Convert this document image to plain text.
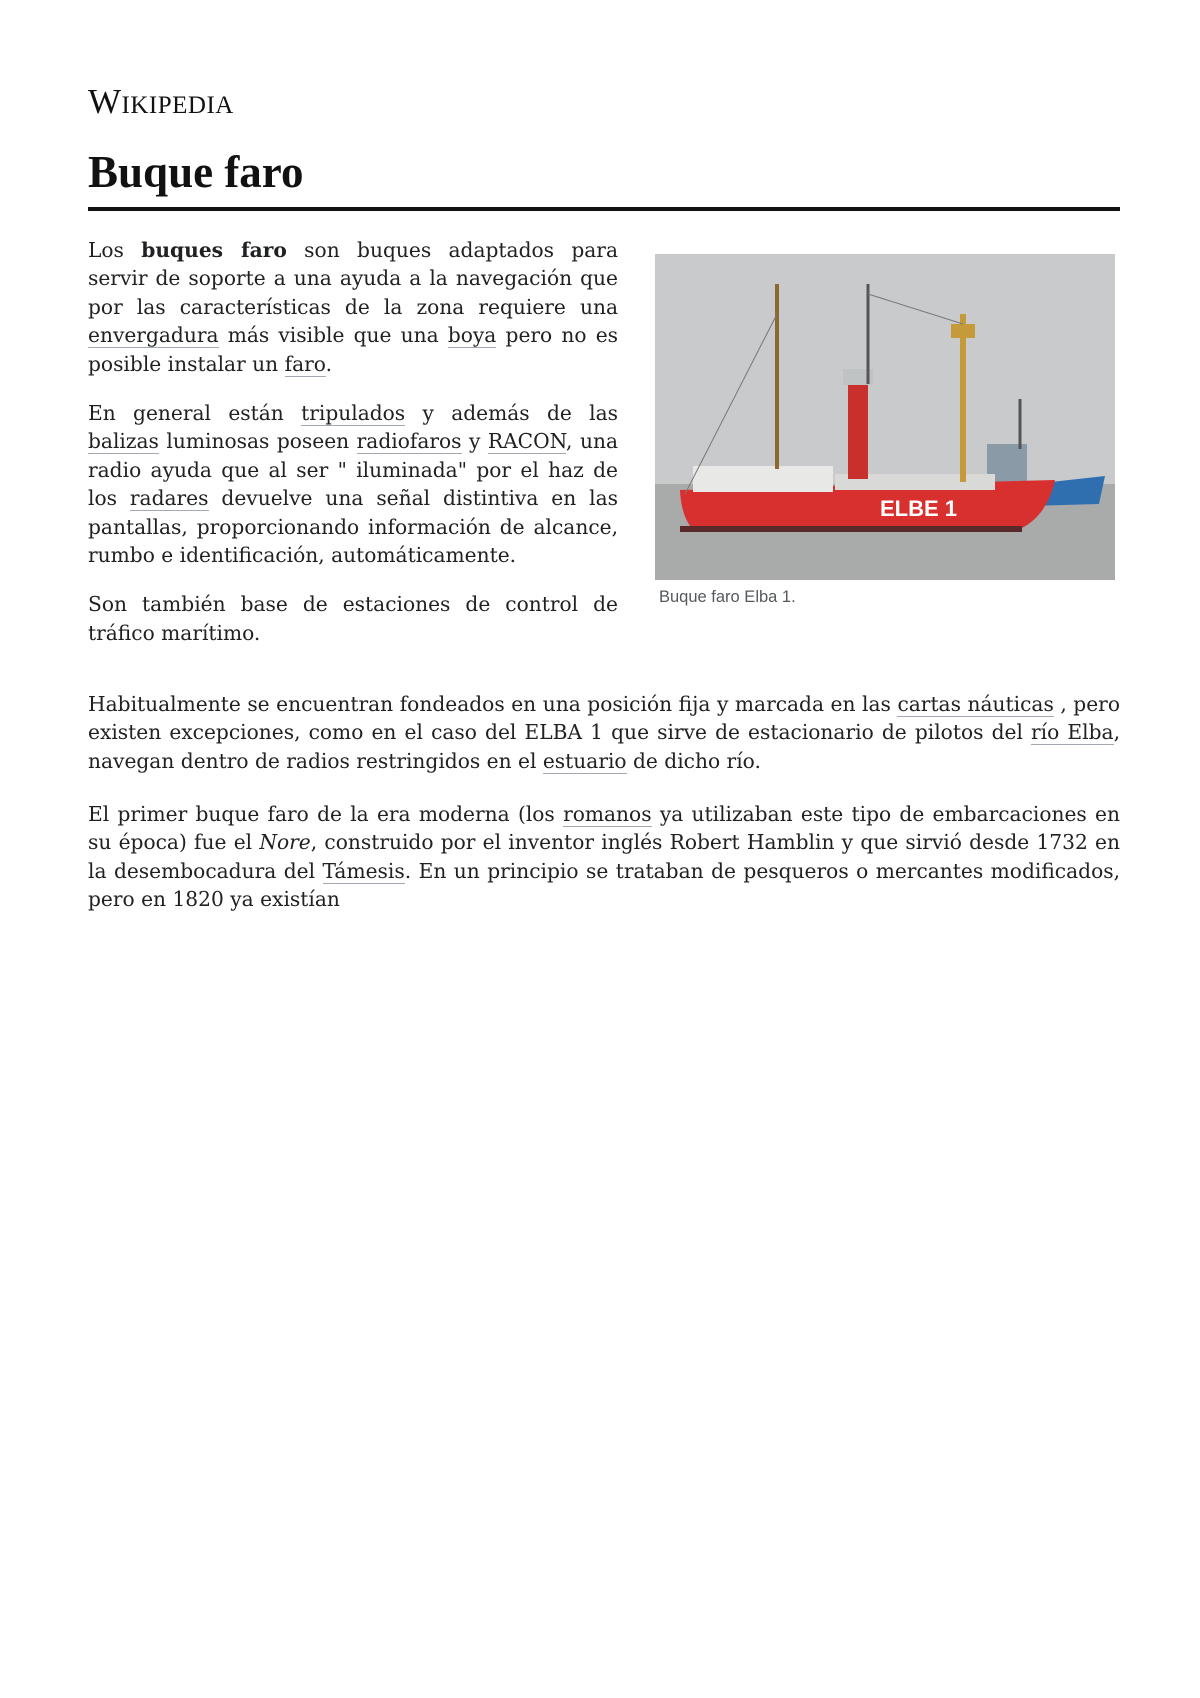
Wikipedia
Buque faro

Los buques faro son buques adaptados para servir de soporte a una ayuda a la navegación que por las características de la zona requiere una envergadura más visible que una boya pero no es posible instalar un faro.

En general están tripulados y además de las balizas luminosas poseen radiofaros y RACON, una radio ayuda que al ser " iluminada" por el haz de los radares devuelve una señal distintiva en las pantallas, proporcionando información de alcance, rumbo e identificación, automáticamente.

Son también base de estaciones de control de tráfico marítimo.

ELBE 1
Buque faro Elba 1.

Habitualmente se encuentran fondeados en una posición fija y marcada en las cartas náuticas , pero existen excepciones, como en el caso del ELBA 1 que sirve de estacionario de pilotos del río Elba, navegan dentro de radios restringidos en el estuario de dicho río.

El primer buque faro de la era moderna (los romanos ya utilizaban este tipo de embarcaciones en su época) fue el Nore, construido por el inventor inglés Robert Hamblin y que sirvió desde 1732 en la desembocadura del Támesis. En un principio se trataban de pesqueros o mercantes modificados, pero en 1820 ya existían
